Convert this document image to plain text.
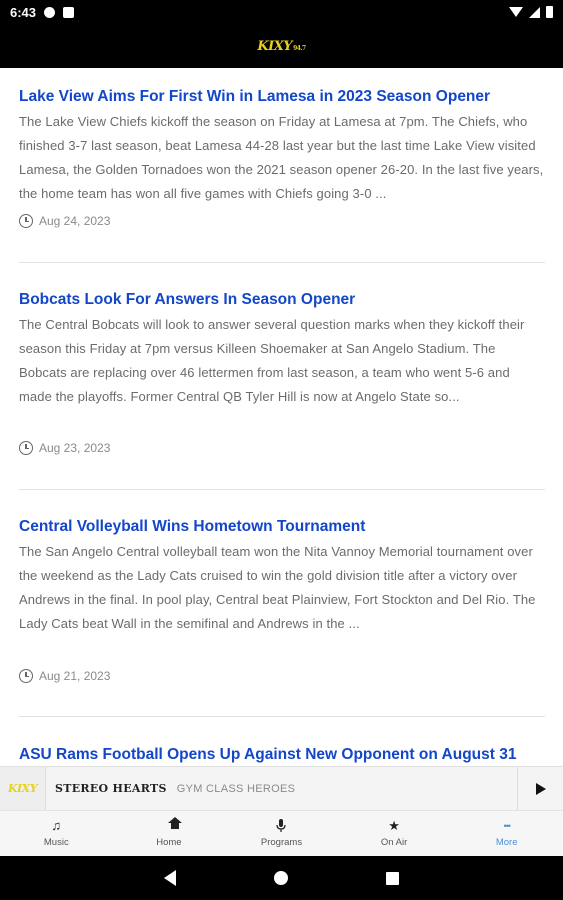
6:43
KIXY94.7
Lake View Aims For First Win in Lamesa in 2023 Season Opener
The Lake View Chiefs kickoff the season on Friday at Lamesa at 7pm. The Chiefs, who finished 3-7 last season, beat Lamesa 44-28 last year but the last time Lake View visited Lamesa, the Golden Tornadoes won the 2021 season opener 26-20. In the last five years, the home team has won all five games with Chiefs going 3-0 ...
Aug 24, 2023
Bobcats Look For Answers In Season Opener
The Central Bobcats will look to answer several question marks when they kickoff their season this Friday at 7pm versus Killeen Shoemaker at San Angelo Stadium. The Bobcats are replacing over 46 lettermen from last season, a team who went 5-6 and made the playoffs. Former Central QB Tyler Hill is now at Angelo State so...
Aug 23, 2023
Central Volleyball Wins Hometown Tournament
The San Angelo Central volleyball team won the Nita Vannoy Memorial tournament over the weekend as the Lady Cats cruised to win the gold division title after a victory over Andrews in the final. In pool play, Central beat Plainview, Fort Stockton and Del Rio. The Lady Cats beat Wall in the semifinal and Andrews in the ...
Aug 21, 2023
ASU Rams Football Opens Up Against New Opponent on August 31
KIXY STEREO HEARTS GYM CLASS HEROES
♫
Music	Home	Programs
★
On Air
•••
More
